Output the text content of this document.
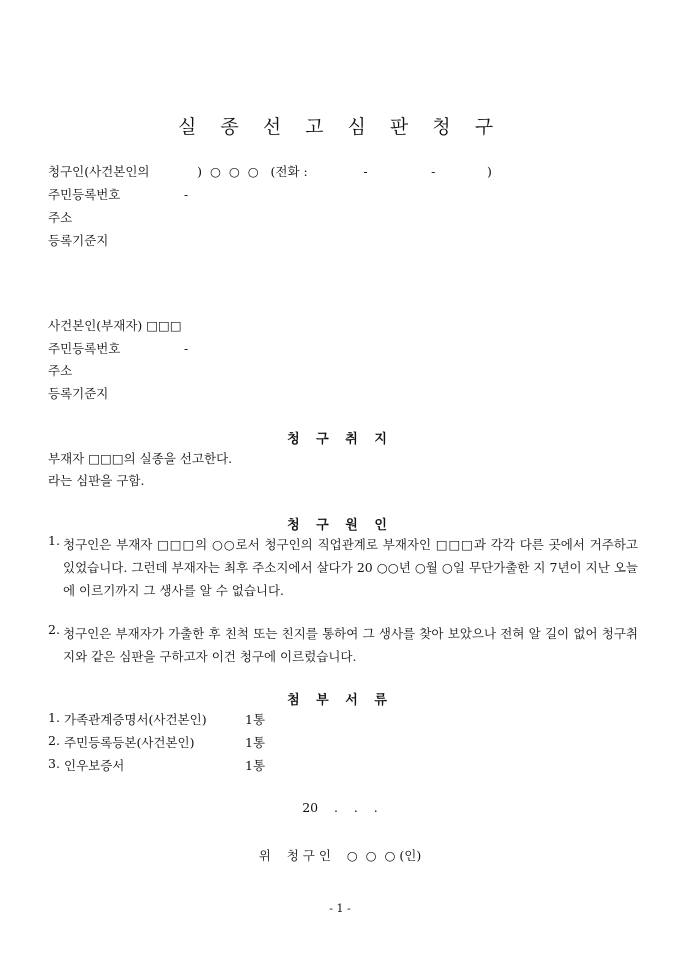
실 종 선 고 심 판 청 구
청구인(사건본인의            )  ○  ○  ○   (전화 :              -                -             )
주민등록번호                -
주소
등록기준지
사건본인(부재자) □□□
주민등록번호                -
주소
등록기준지
청 구 취 지
부재자 □□□의 실종을 선고한다.
라는 심판을 구함.
청 구 원 인
1. 청구인은 부재자 □□□의 ○○로서 청구인의 직업관계로 부재자인 □□□과 각각 다른 곳에서 거주하고 있었습니다. 그런데 부재자는 최후 주소지에서 살다가 20 ○○년 ○월 ○일 무단가출한 지 7년이 지난 오늘에 이르기까지 그 생사를 알 수 없습니다.
2. 청구인은 부재자가 가출한 후 친척 또는 친지를 통하여 그 생사를 찾아 보았으나 전혀 알 길이 없어 청구취지와 같은 심판을 구하고자 이건 청구에 이르렀습니다.
첨 부 서 류
1. 가족관계증명서(사건본인)	1통
2. 주민등록등본(사건본인)	1통
3. 인우보증서	1통
20    .    .    .
위    청 구 인    ○  ○  ○ (인)
- 1 -
